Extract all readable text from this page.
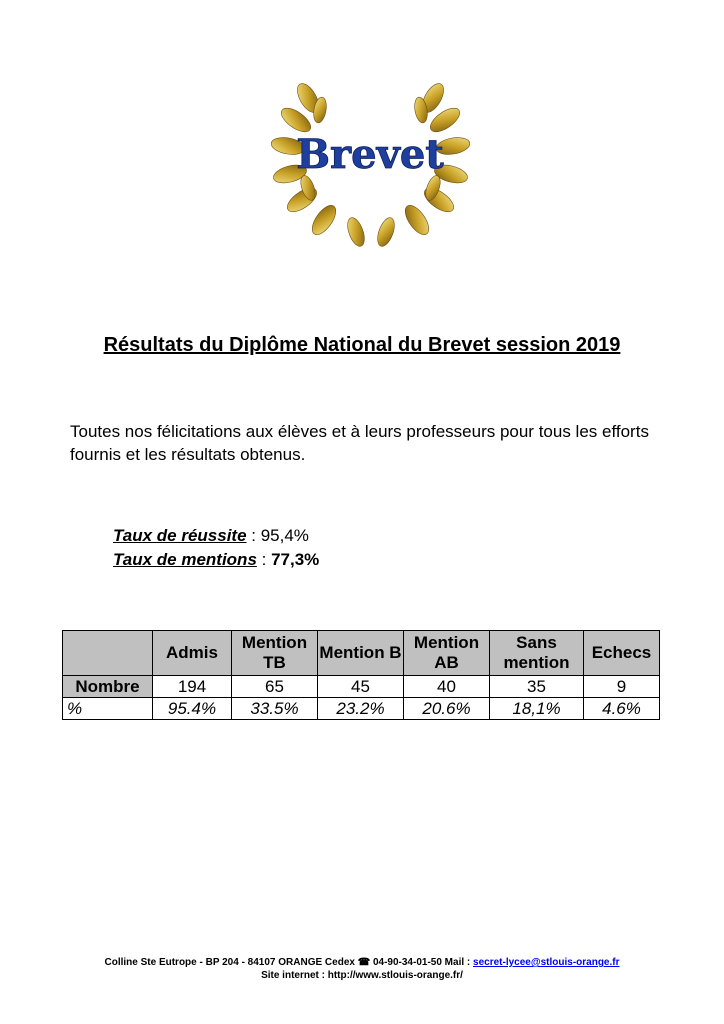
Brevet
Résultats du Diplôme National du Brevet session 2019
Toutes nos félicitations aux élèves et à leurs professeurs pour tous les efforts fournis et les résultats obtenus.
Taux de réussite : 95,4%
Taux de mentions : 77,3%
	Admis	Mention TB	Mention B	Mention AB	Sans mention	Echecs
Nombre	194	65	45	40	35	9
%	95.4%	33.5%	23.2%	20.6%	18,1%	4.6%
Colline Ste Eutrope - BP 204 - 84107 ORANGE Cedex ☎ 04-90-34-01-50 Mail : secret-lycee@stlouis-orange.fr
Site internet : http://www.stlouis-orange.fr/
